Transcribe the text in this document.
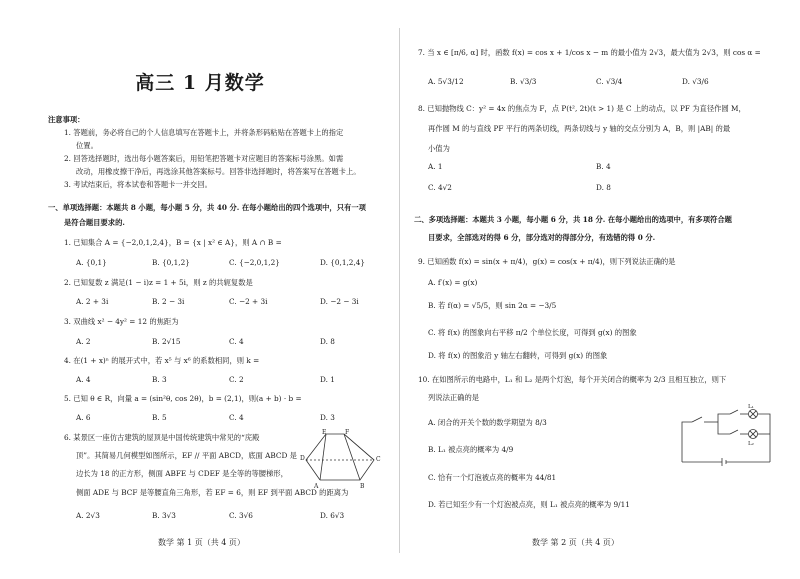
高三 1 月数学
注意事项：
1. 答题前，务必将自己的个人信息填写在答题卡上，并将条形码粘贴在答题卡上的指定
位置。
2. 回答选择题时，选出每小题答案后，用铅笔把答题卡对应题目的答案标号涂黑。如需
改动，用橡皮擦干净后，再选涂其他答案标号。回答非选择题时，将答案写在答题卡上。
3. 考试结束后，将本试卷和答题卡一并交回。
一、单项选择题：本题共 8 小题，每小题 5 分，共 40 分. 在每小题给出的四个选项中，只有一项
是符合题目要求的.
1. 已知集合 A = {−2,0,1,2,4}，B = {x | x² ∈ A}，则 A ∩ B =
A. {0,1}	B. {0,1,2}	C. {−2,0,1,2}	D. {0,1,2,4}
2. 已知复数 z 满足(1 − i)z = 1 + 5i，则 z 的共轭复数是
A. 2 + 3i	B. 2 − 3i	C. −2 + 3i	D. −2 − 3i
3. 双曲线 x² − 4y² = 12 的焦距为
A. 2	B. 2√15	C. 4	D. 8
4. 在(1 + x)ⁿ 的展开式中，若 x⁵ 与 x⁶ 的系数相同，则 k =
A. 4	B. 3	C. 2	D. 1
5. 已知 θ ∈ R，向量 a = (sin²θ, cos 2θ)，b = (2,1)，则(a + b) · b =
A. 6	B. 5	C. 4	D. 3
6. 某景区一座仿古建筑的屋顶是中国传统建筑中常见的“庑殿
顶”。其简易几何模型如图所示，EF // 平面 ABCD，底面 ABCD 是
边长为 18 的正方形，侧面 ABFE 与 CDEF 是全等的等腰梯形，
侧面 ADE 与 BCF 是等腰直角三角形，若 EF = 6，则 EF 到平面 ABCD 的距离为
A. 2√3	B. 3√3	C. 3√6	D. 6√3
E	F
D	C
A	B
数学 第 1 页（共 4 页）
7. 当 x ∈ [π/6, α] 时，函数 f(x) = cos x + 1/cos x − m 的最小值为 2√3，最大值为 2√3，则 cos α =
A. 5√3/12	B. √3/3	C. √3/4	D. √3/6
8. 已知抛物线 C：y² = 4x 的焦点为 F，点 P(t², 2t)(t > 1) 是 C 上的动点，以 PF 为直径作圆 M，
再作圆 M 的与直线 PF 平行的两条切线，两条切线与 y 轴的交点分别为 A，B，则 |AB| 的最
小值为
A. 1	B. 4
C. 4√2	D. 8
二、多项选择题：本题共 3 小题，每小题 6 分，共 18 分. 在每小题给出的选项中，有多项符合题
目要求，全部选对的得 6 分，部分选对的得部分分，有选错的得 0 分.
9. 已知函数 f(x) = sin(x + π/4)，g(x) = cos(x + π/4)，则下列说法正确的是
A. f′(x) = g(x)
B. 若 f(α) = √5/5，则 sin 2α = −3/5
C. 将 f(x) 的图象向右平移 π/2 个单位长度，可得到 g(x) 的图象
D. 将 f(x) 的图象沿 y 轴左右翻转，可得到 g(x) 的图象
10. 在如图所示的电路中，L₁ 和 L₂ 是两个灯泡，每个开关闭合的概率为 2/3 且相互独立，则下
列说法正确的是
A. 闭合的开关个数的数学期望为 8/3
B. L₁ 被点亮的概率为 4/9
C. 恰有一个灯泡被点亮的概率为 44/81
D. 若已知至少有一个灯泡被点亮，则 L₁ 被点亮的概率为 9/11
L₁
L₂
数学 第 2 页（共 4 页）
